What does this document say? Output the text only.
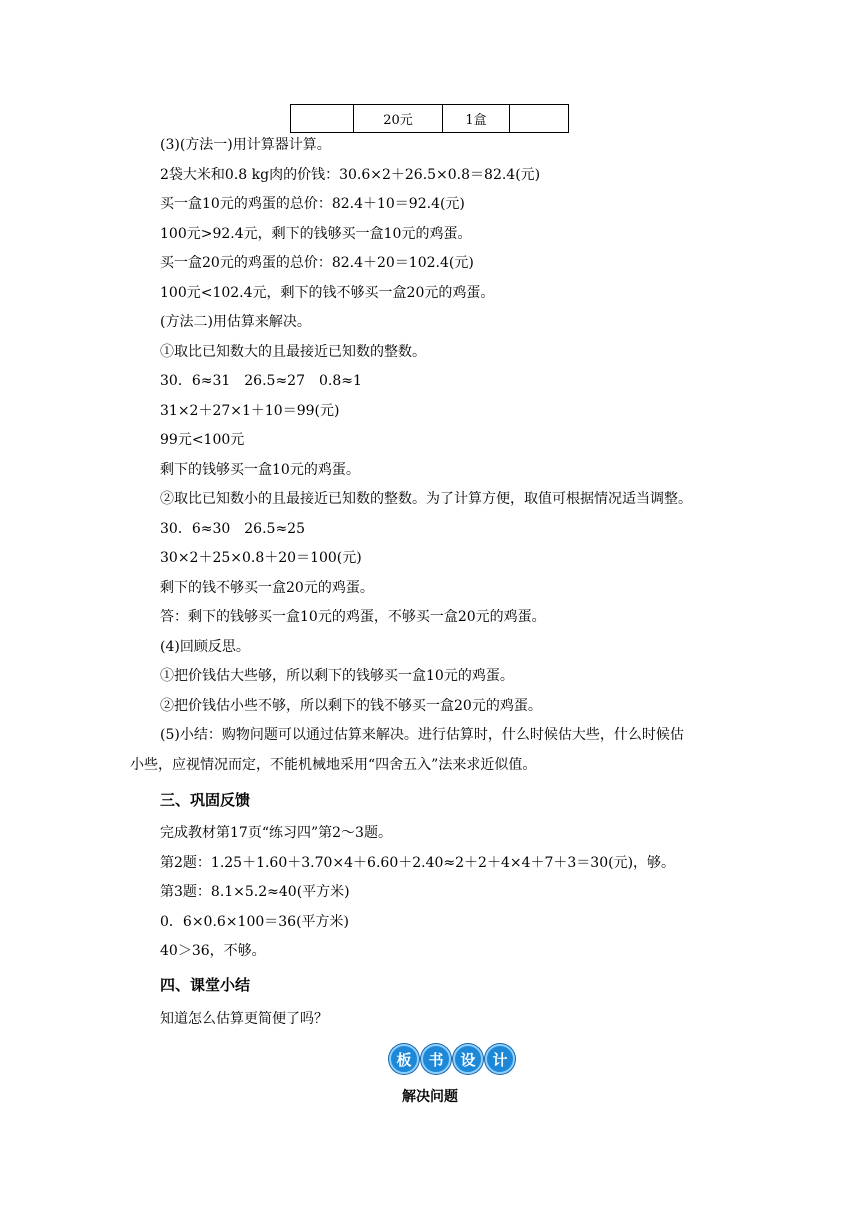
	20元	1盒	
(3)(方法一)用计算器计算。
2袋大米和0.8 kg肉的价钱：30.6×2＋26.5×0.8＝82.4(元)
买一盒10元的鸡蛋的总价：82.4＋10＝92.4(元)
100元>92.4元，剩下的钱够买一盒10元的鸡蛋。
买一盒20元的鸡蛋的总价：82.4＋20＝102.4(元)
100元<102.4元，剩下的钱不够买一盒20元的鸡蛋。
(方法二)用估算来解决。
①取比已知数大的且最接近已知数的整数。
30．6≈31　26.5≈27　0.8≈1
31×2＋27×1＋10＝99(元)
99元<100元
剩下的钱够买一盒10元的鸡蛋。
②取比已知数小的且最接近已知数的整数。为了计算方便，取值可根据情况适当调整。
30．6≈30　26.5≈25
30×2＋25×0.8＋20＝100(元)
剩下的钱不够买一盒20元的鸡蛋。
答：剩下的钱够买一盒10元的鸡蛋，不够买一盒20元的鸡蛋。
(4)回顾反思。
①把价钱估大些够，所以剩下的钱够买一盒10元的鸡蛋。
②把价钱估小些不够，所以剩下的钱不够买一盒20元的鸡蛋。
(5)小结：购物问题可以通过估算来解决。进行估算时，什么时候估大些，什么时候估
小些，应视情况而定，不能机械地采用“四舍五入”法来求近似值。
三、巩固反馈
完成教材第17页“练习四”第2～3题。
第2题：1.25＋1.60＋3.70×4＋6.60＋2.40≈2＋2＋4×4＋7＋3＝30(元)，够。
第3题：8.1×5.2≈40(平方米)
0．6×0.6×100＝36(平方米)
40＞36，不够。
四、课堂小结
知道怎么估算更简便了吗？
板	书	设	计
解决问题
